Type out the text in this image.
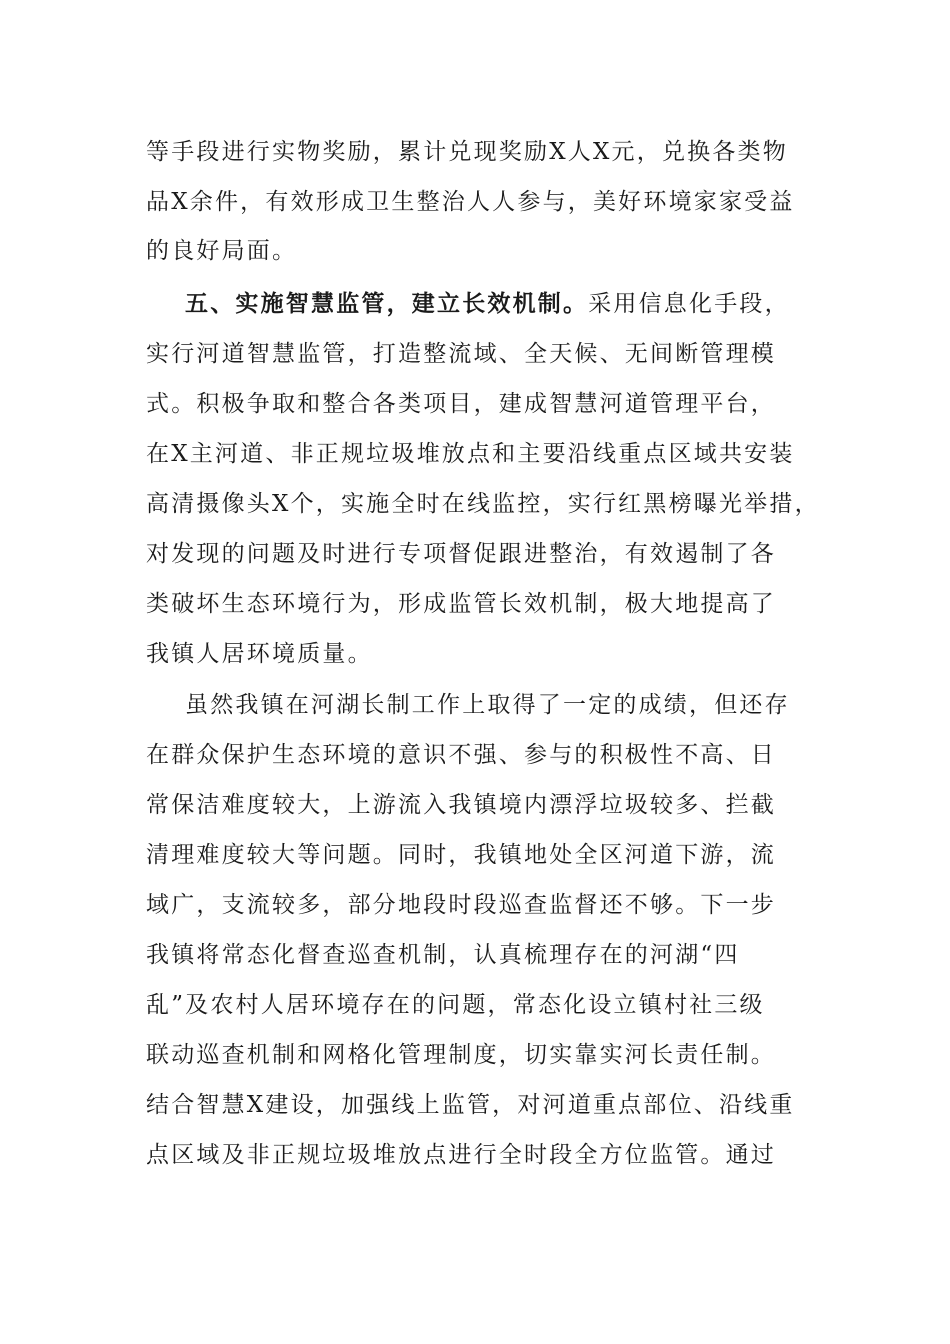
等手段进行实物奖励，累计兑现奖励X人X元，兑换各类物
品X余件，有效形成卫生整治人人参与，美好环境家家受益
的良好局面。
五、实施智慧监管，建立长效机制。采用信息化手段，
实行河道智慧监管，打造整流域、全天候、无间断管理模
式。积极争取和整合各类项目，建成智慧河道管理平台，
在X主河道、非正规垃圾堆放点和主要沿线重点区域共安装
高清摄像头X个，实施全时在线监控，实行红黑榜曝光举措，
对发现的问题及时进行专项督促跟进整治，有效遏制了各
类破坏生态环境行为，形成监管长效机制，极大地提高了
我镇人居环境质量。
虽然我镇在河湖长制工作上取得了一定的成绩，但还存
在群众保护生态环境的意识不强、参与的积极性不高、日
常保洁难度较大，上游流入我镇境内漂浮垃圾较多、拦截
清理难度较大等问题。同时，我镇地处全区河道下游，流
域广，支流较多，部分地段时段巡查监督还不够。下一步
我镇将常态化督查巡查机制，认真梳理存在的河湖“四
乱”及农村人居环境存在的问题，常态化设立镇村社三级
联动巡查机制和网格化管理制度，切实靠实河长责任制。
结合智慧X建设，加强线上监管，对河道重点部位、沿线重
点区域及非正规垃圾堆放点进行全时段全方位监管。通过
